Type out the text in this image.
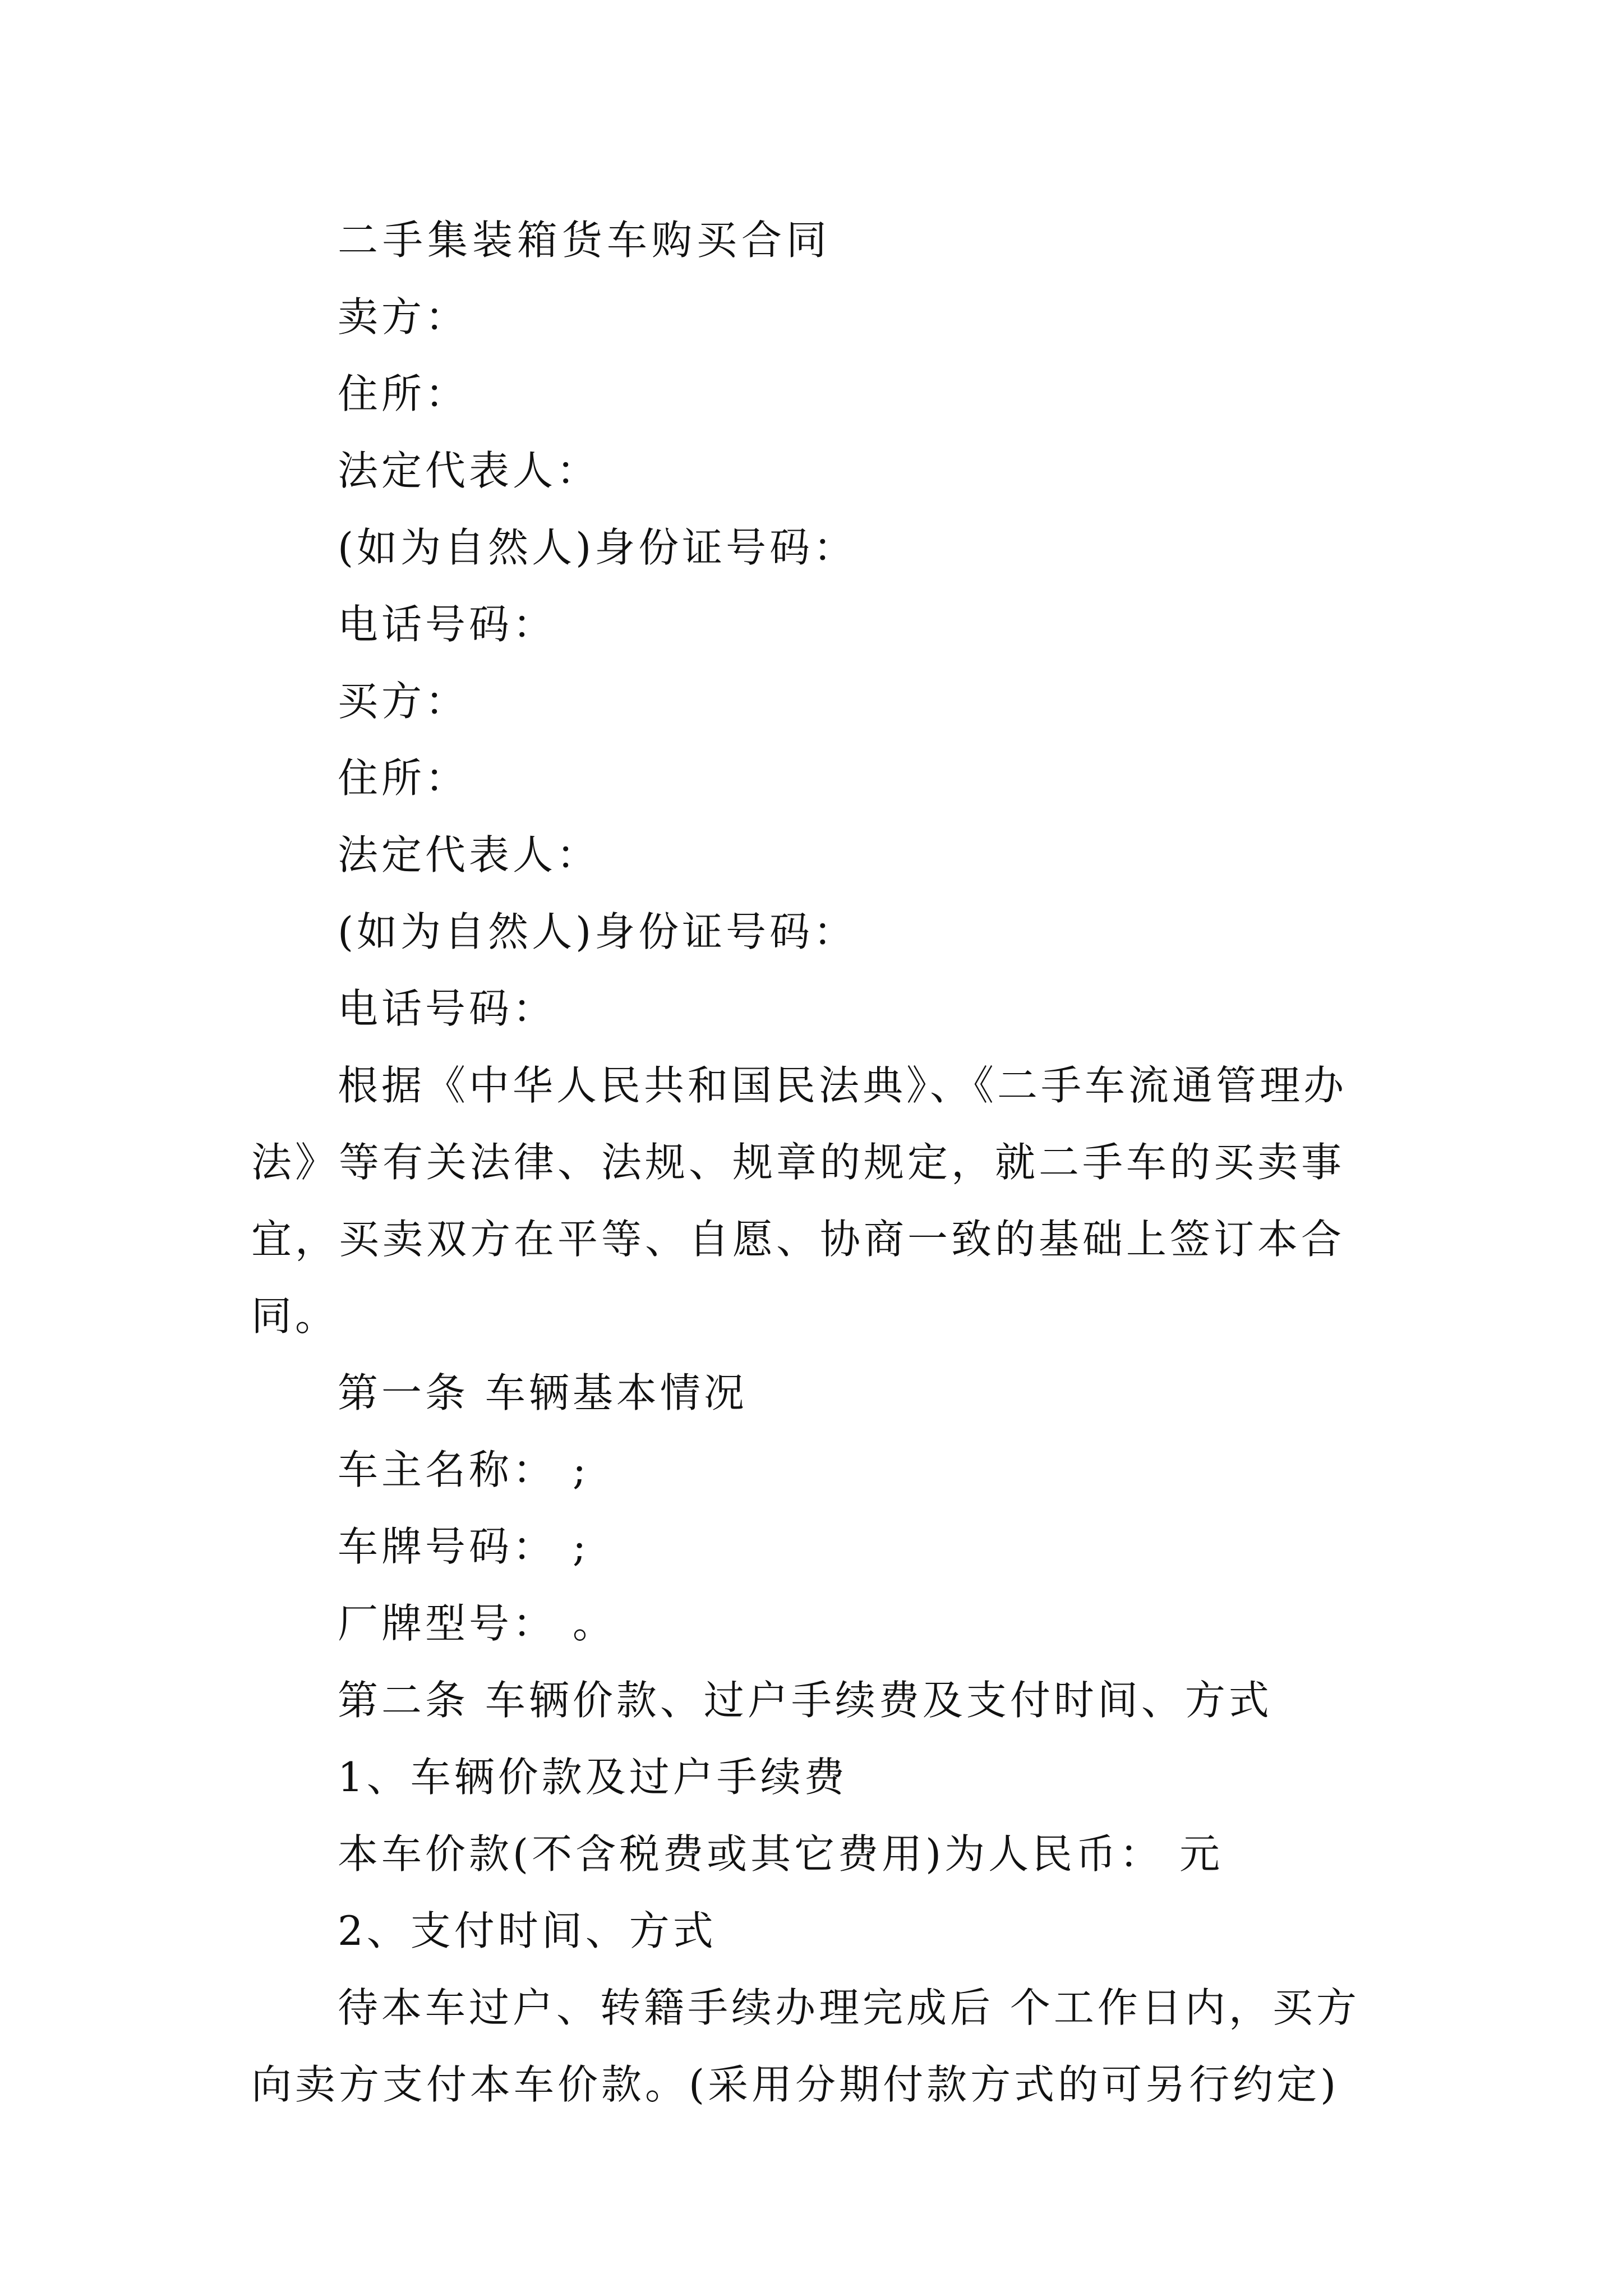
二手集装箱货车购买合同

卖方：

住所：

法定代表人：

(如为自然人)身份证号码：

电话号码：

买方：

住所：

法定代表人：

(如为自然人)身份证号码：

电话号码：

根据《中华人民共和国民法典》、《二手车流通管理办法》等有关法律、法规、规章的规定，就二手车的买卖事宜，买卖双方在平等、自愿、协商一致的基础上签订本合同。

第一条 车辆基本情况

车主名称： ;

车牌号码： ;

厂牌型号： 。

第二条 车辆价款、过户手续费及支付时间、方式

1、车辆价款及过户手续费

本车价款(不含税费或其它费用)为人民币： 元

2、支付时间、方式

待本车过户、转籍手续办理完成后 个工作日内，买方向卖方支付本车价款。(采用分期付款方式的可另行约定)
